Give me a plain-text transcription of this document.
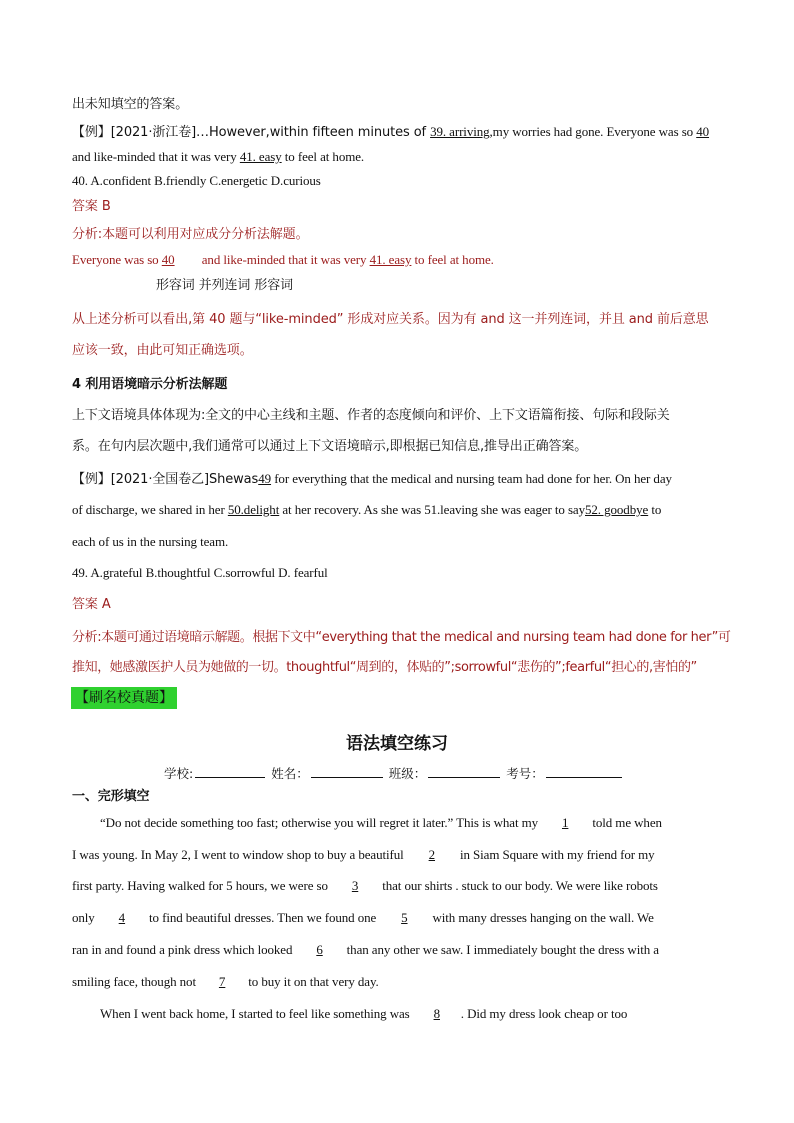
出未知填空的答案。
【例】[2021·浙江卷]…However,within fifteen minutes of 39. arriving,my worries had gone. Everyone was so 40
and like-minded that it was very 41. easy to feel at home.
40. A.confident B.friendly C.energetic D.curious
答案 B
分析:本题可以利用对应成分分析法解题。
Everyone was so 40 and like-minded that it was very 41. easy to feel at home.
形容词 并列连词 形容词
从上述分析可以看出,第 40 题与“like-minded” 形成对应关系。因为有 and 这一并列连词，并且 and 前后意思
应该一致，由此可知正确选项。
4 利用语境暗示分析法解题
上下文语境具体体现为:全文的中心主线和主题、作者的态度倾向和评价、上下文语篇衔接、句际和段际关
系。在句内层次题中,我们通常可以通过上下文语境暗示,即根据已知信息,推导出正确答案。
【例】[2021·全国卷乙]Shewas49 for everything that the medical and nursing team had done for her. On her day
of discharge, we shared in her 50.delight at her recovery. As she was 51.leaving she was eager to say52. goodbye to
each of us in the nursing team.
49. A.grateful B.thoughtful C.sorrowful D. fearful
答案 A
分析:本题可通过语境暗示解题。根据下文中“everything that the medical and nursing team had done for her”可
推知，她感激医护人员为她做的一切。thoughtful“周到的，体贴的”;sorrowful“悲伤的”;fearful“担心的,害怕的”
【刷名校真题】
语法填空练习
学校:	姓名：	班级：	考号：
一、完形填空
“Do not decide something too fast; otherwise you will regret it later.” This is what my 1 told me when
I was young. In May 2, I went to window shop to buy a beautiful 2 in Siam Square with my friend for my
first party. Having walked for 5 hours, we were so 3 that our shirts . stuck to our body. We were like robots
only 4 to find beautiful dresses. Then we found one 5 with many dresses hanging on the wall. We
ran in and found a pink dress which looked 6 than any other we saw. I immediately bought the dress with a
smiling face, though not 7 to buy it on that very day.
When I went back home, I started to feel like something was 8 . Did my dress look cheap or too
